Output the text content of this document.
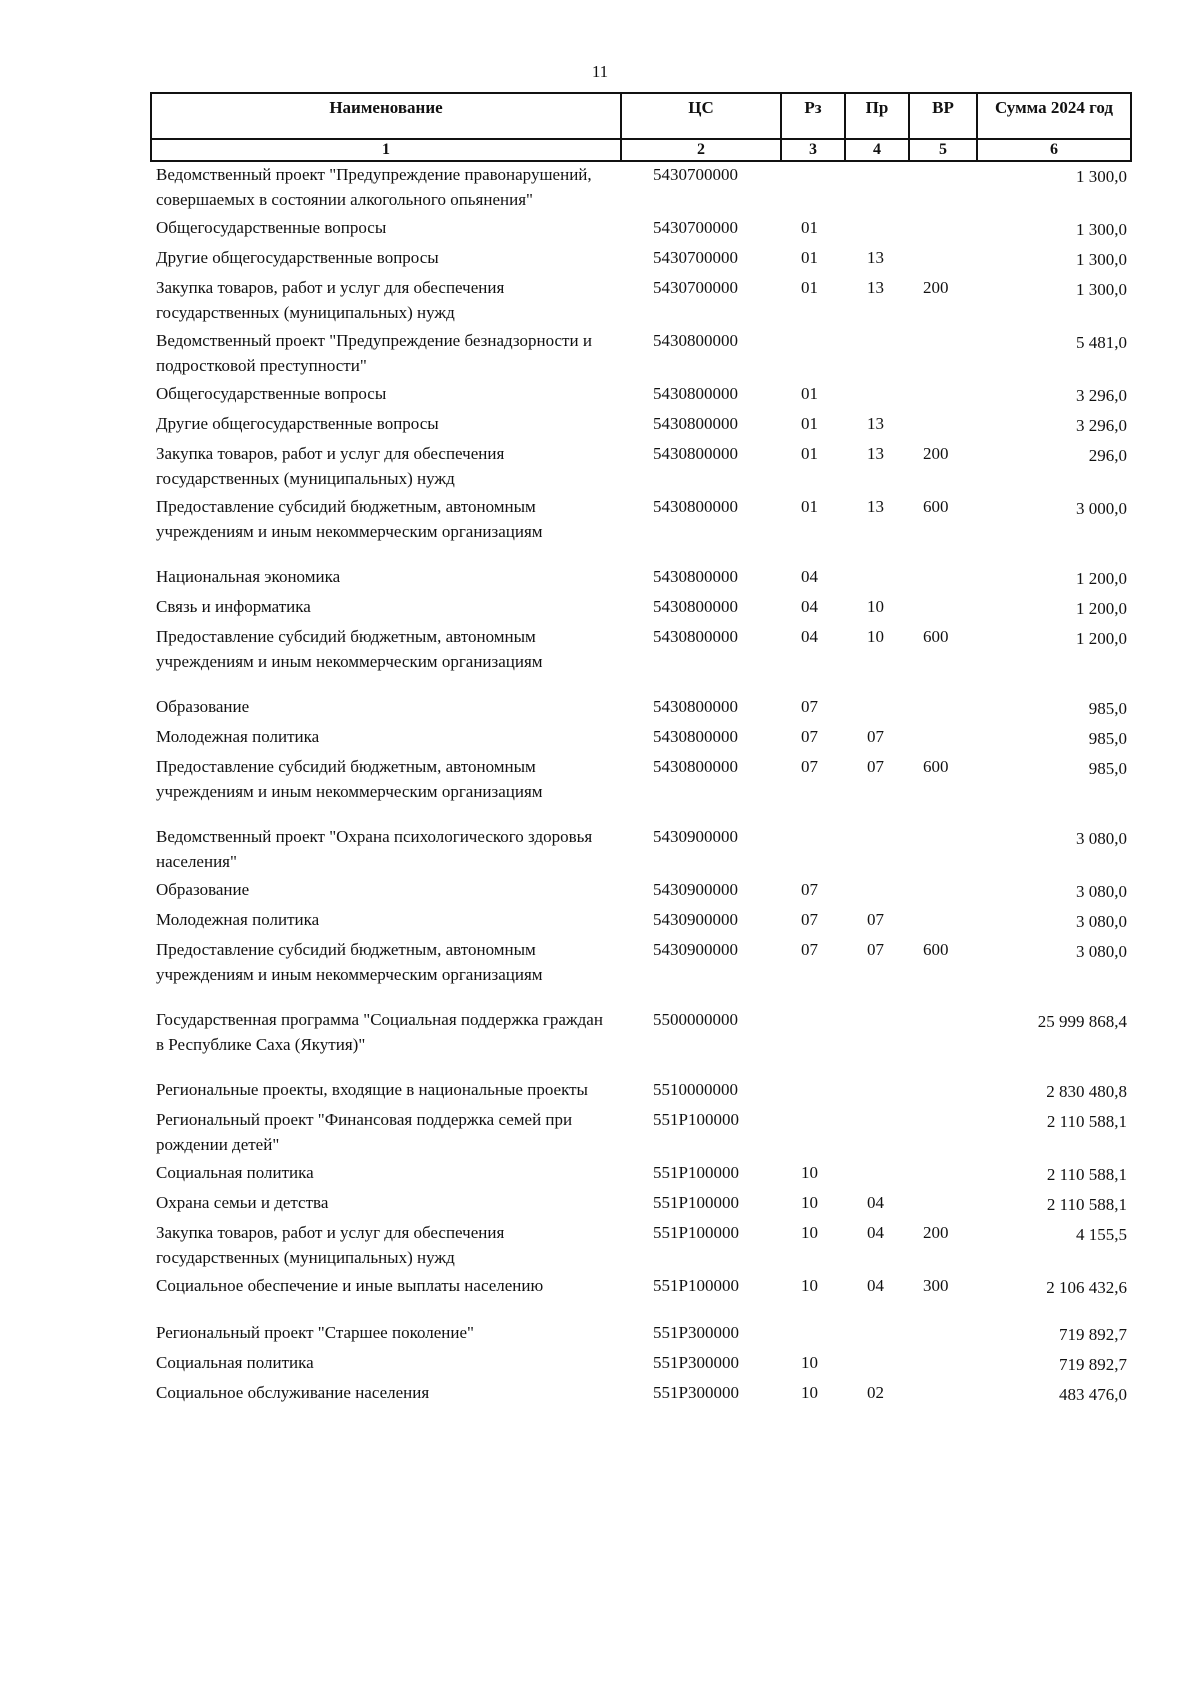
11
Наименование	ЦС	Рз	Пр	ВР	Сумма 2024 год
1	2	3	4	5	6
Ведомственный проект "Предупреждение правонарушений, совершаемых в состоянии алкогольного опьянения"	5430700000				1 300,0
Общегосударственные вопросы	5430700000	01			1 300,0
Другие общегосударственные вопросы	5430700000	01	13		1 300,0
Закупка товаров, работ и услуг для обеспечения государственных (муниципальных) нужд	5430700000	01	13	200	1 300,0
Ведомственный проект "Предупреждение безнадзорности и подростковой преступности"	5430800000				5 481,0
Общегосударственные вопросы	5430800000	01			3 296,0
Другие общегосударственные вопросы	5430800000	01	13		3 296,0
Закупка товаров, работ и услуг для обеспечения государственных (муниципальных) нужд	5430800000	01	13	200	296,0
Предоставление субсидий бюджетным, автономным учреждениям и иным некоммерческим организациям	5430800000	01	13	600	3 000,0
Национальная экономика	5430800000	04			1 200,0
Связь и информатика	5430800000	04	10		1 200,0
Предоставление субсидий бюджетным, автономным учреждениям и иным некоммерческим организациям	5430800000	04	10	600	1 200,0
Образование	5430800000	07			985,0
Молодежная политика	5430800000	07	07		985,0
Предоставление субсидий бюджетным, автономным учреждениям и иным некоммерческим организациям	5430800000	07	07	600	985,0
Ведомственный проект "Охрана психологического здоровья населения"	5430900000				3 080,0
Образование	5430900000	07			3 080,0
Молодежная политика	5430900000	07	07		3 080,0
Предоставление субсидий бюджетным, автономным учреждениям и иным некоммерческим организациям	5430900000	07	07	600	3 080,0
Государственная программа "Социальная поддержка граждан в Республике Саха (Якутия)"	5500000000				25 999 868,4
Региональные проекты, входящие в национальные проекты	5510000000				2 830 480,8
Региональный проект "Финансовая поддержка семей при рождении детей"	551P100000				2 110 588,1
Социальная политика	551P100000	10			2 110 588,1
Охрана семьи и детства	551P100000	10	04		2 110 588,1
Закупка товаров, работ и услуг для обеспечения государственных (муниципальных) нужд	551P100000	10	04	200	4 155,5
Социальное обеспечение и иные выплаты населению	551P100000	10	04	300	2 106 432,6
Региональный проект "Старшее поколение"	551P300000				719 892,7
Социальная политика	551P300000	10			719 892,7
Социальное обслуживание населения	551P300000	10	02		483 476,0
